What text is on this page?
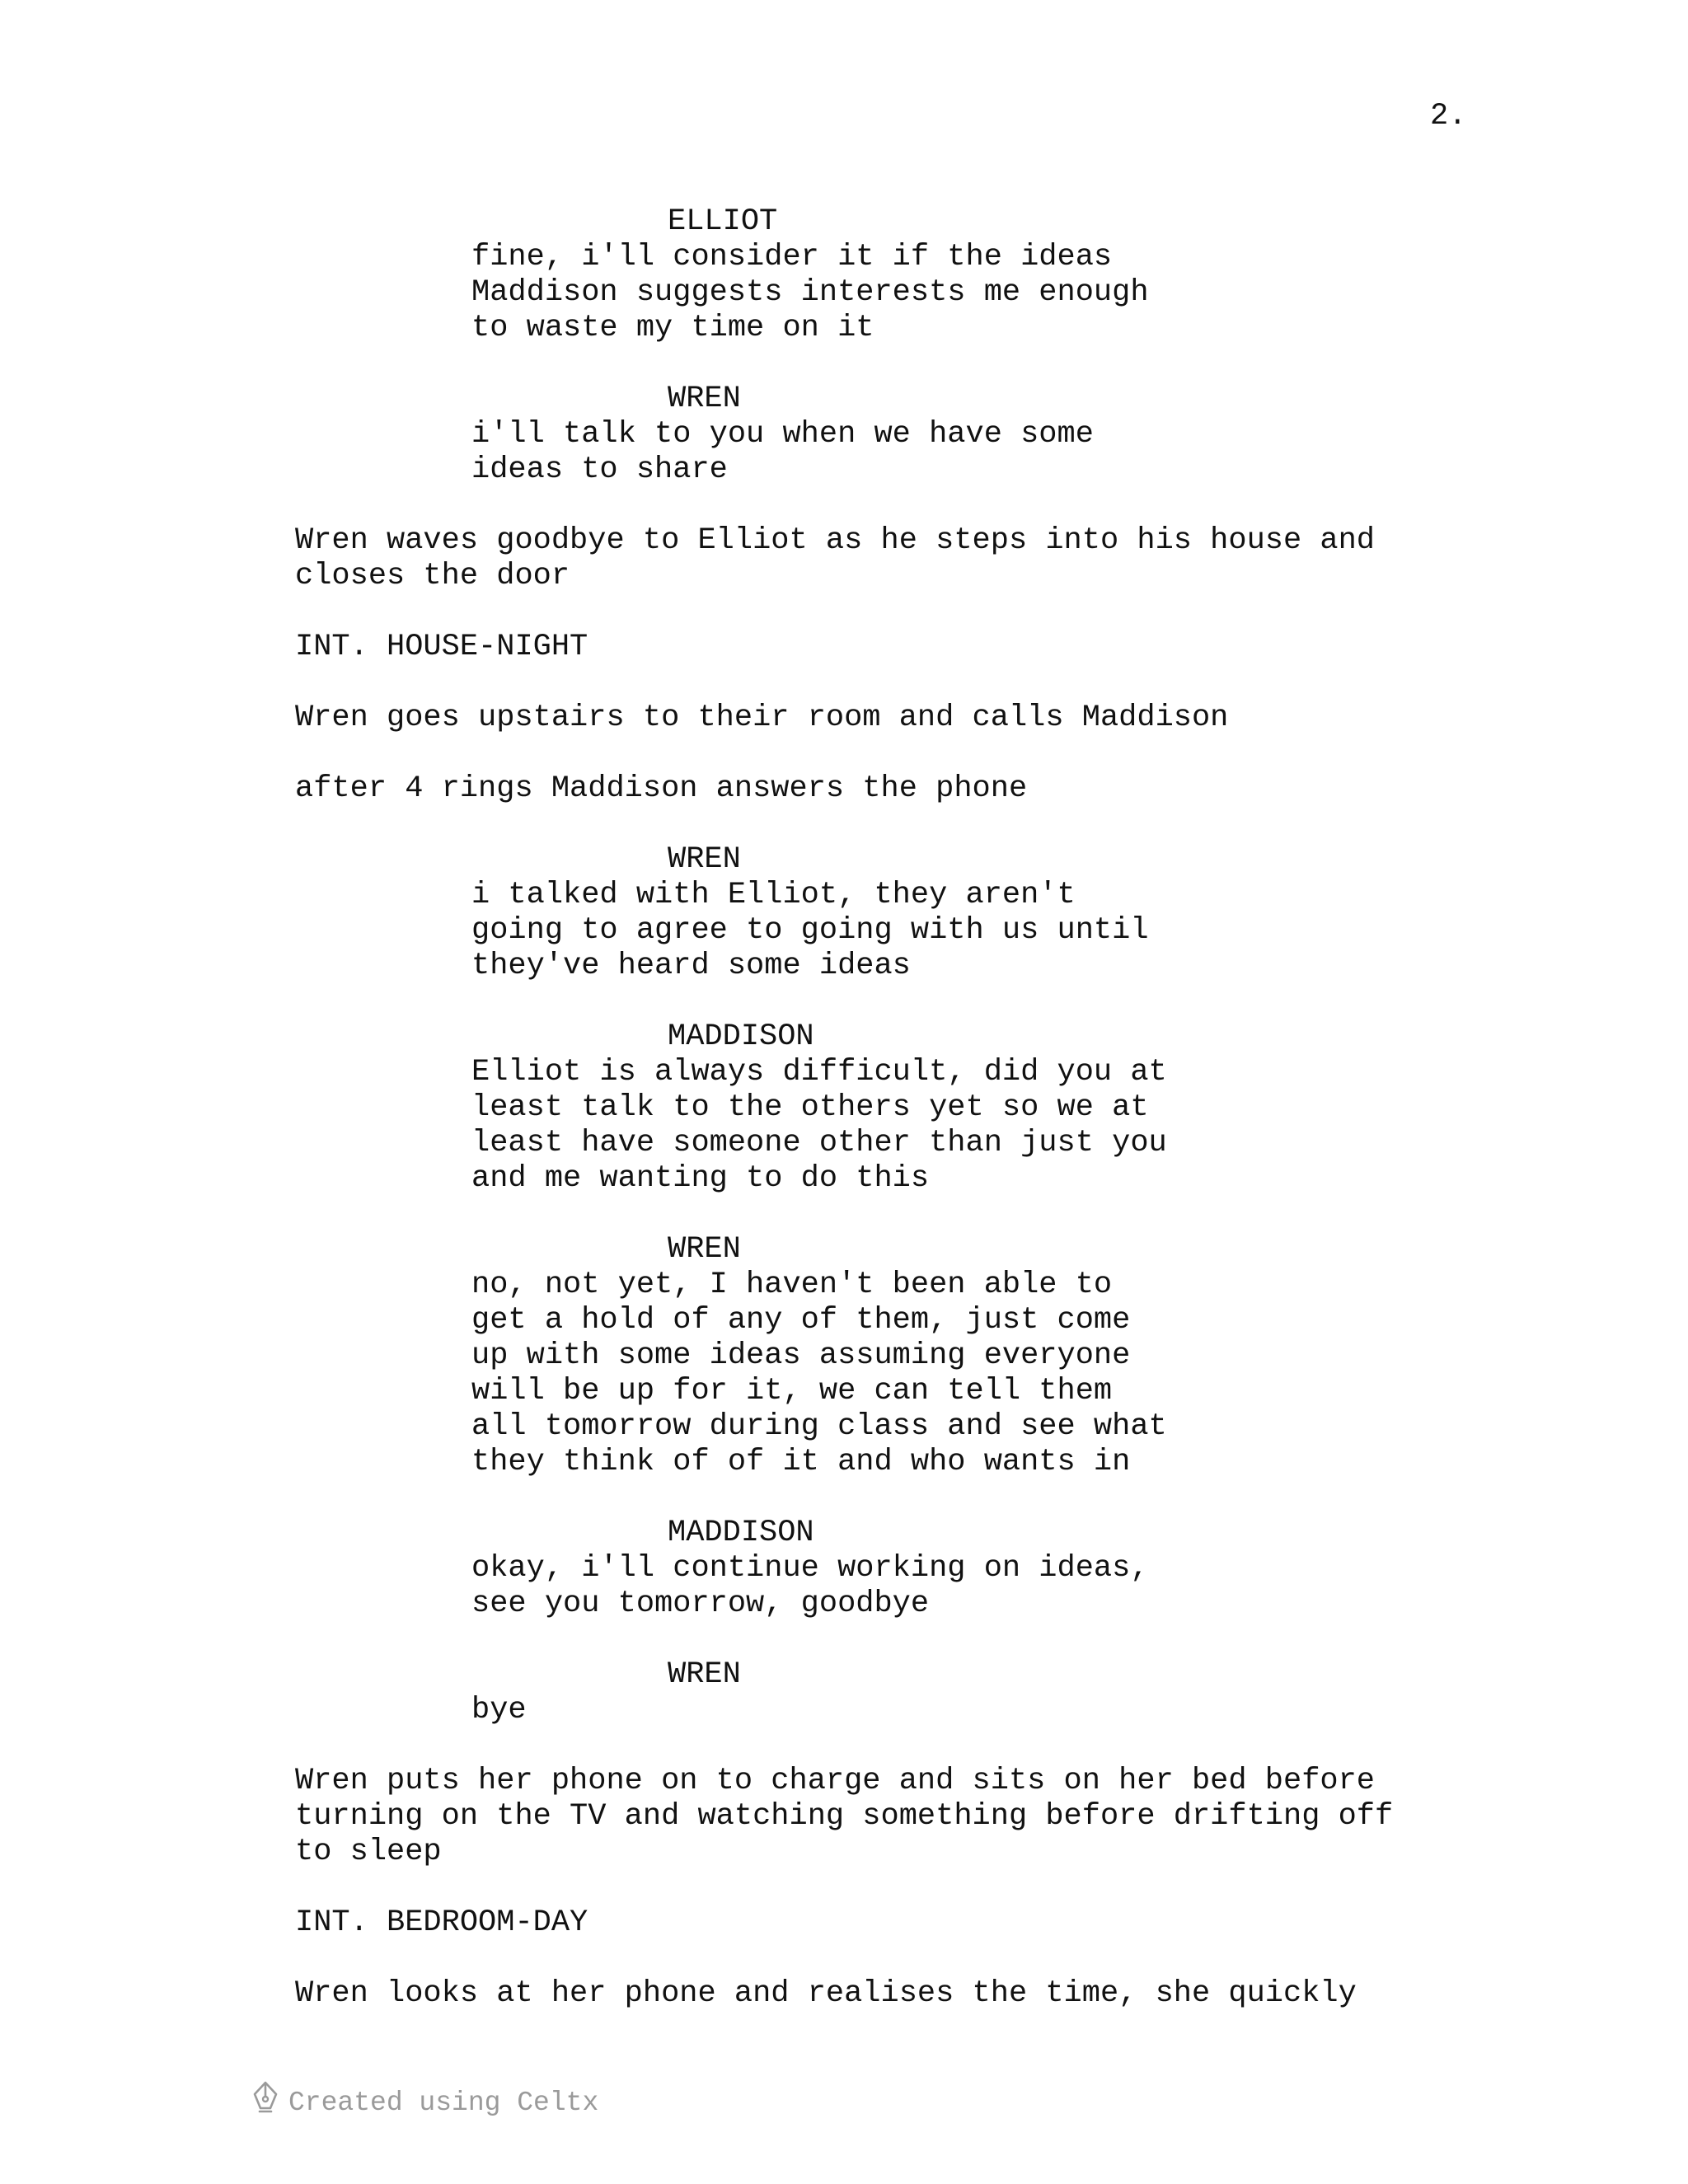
2.
ELLIOT
fine, i'll consider it if the ideas
Maddison suggests interests me enough
to waste my time on it
WREN
i'll talk to you when we have some
ideas to share
Wren waves goodbye to Elliot as he steps into his house and
closes the door
INT. HOUSE-NIGHT
Wren goes upstairs to their room and calls Maddison
after 4 rings Maddison answers the phone
WREN
i talked with Elliot, they aren't
going to agree to going with us until
they've heard some ideas
MADDISON
Elliot is always difficult, did you at
least talk to the others yet so we at
least have someone other than just you
and me wanting to do this
WREN
no, not yet, I haven't been able to
get a hold of any of them, just come
up with some ideas assuming everyone
will be up for it, we can tell them
all tomorrow during class and see what
they think of of it and who wants in
MADDISON
okay, i'll continue working on ideas,
see you tomorrow, goodbye
WREN
bye
Wren puts her phone on to charge and sits on her bed before
turning on the TV and watching something before drifting off
to sleep
INT. BEDROOM-DAY
Wren looks at her phone and realises the time, she quickly
Created using Celtx
